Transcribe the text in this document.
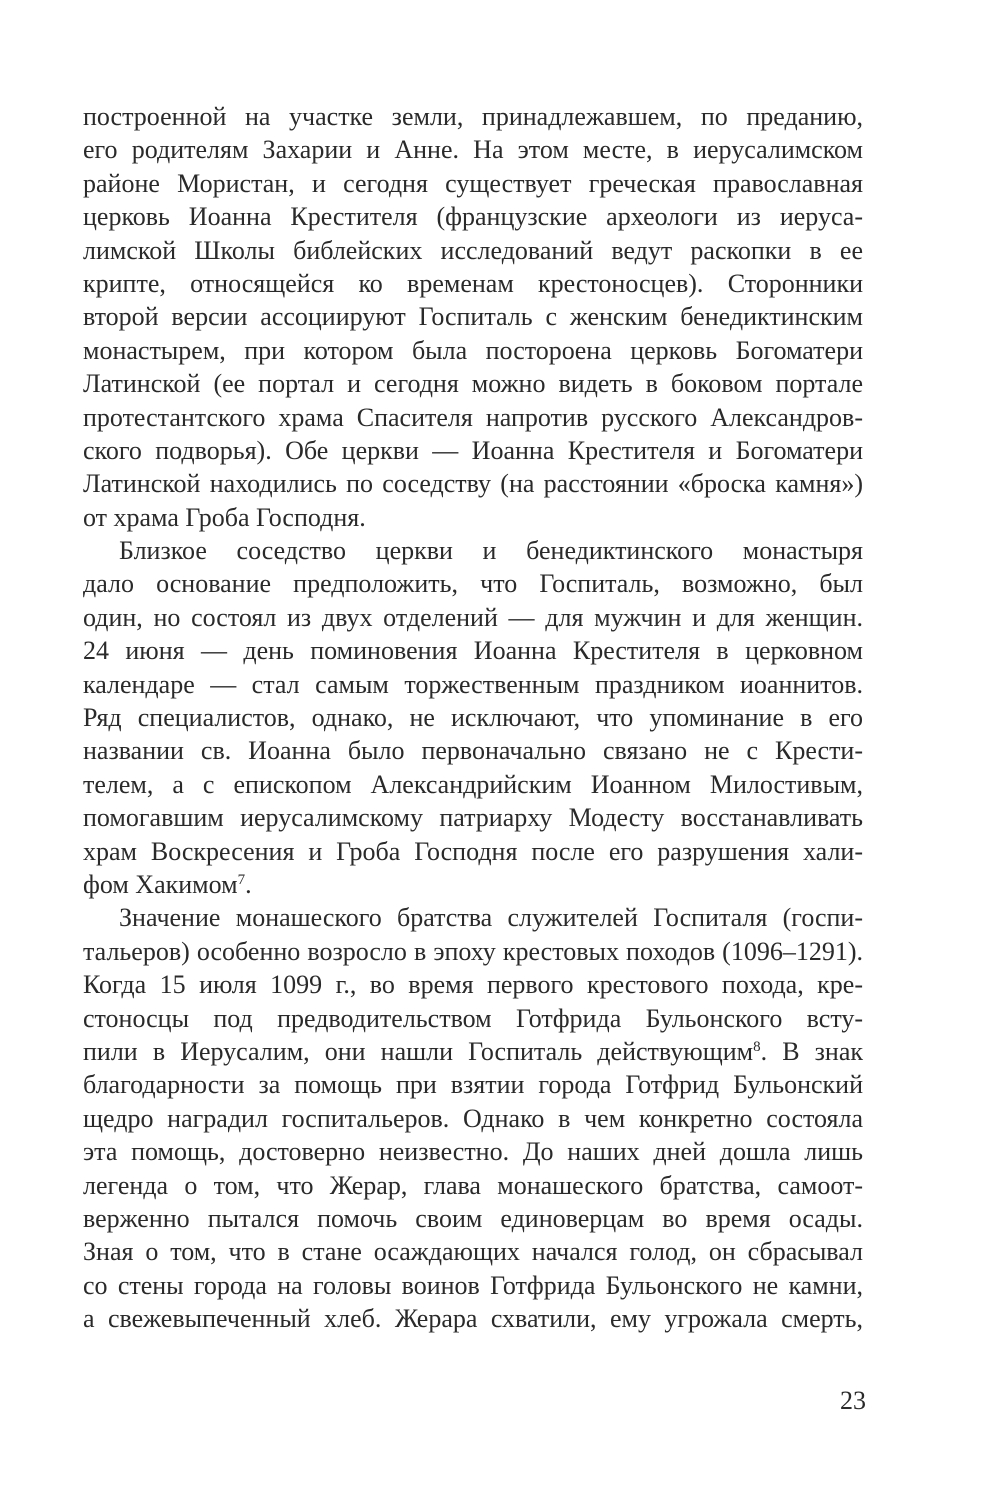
построенной на участке земли, принадлежавшем, по преданию,
его родителям Захарии и Анне. На этом месте, в иерусалимском
районе Мористан, и сегодня существует греческая православная
церковь Иоанна Крестителя (французские археологи из иеруса-
лимской Школы библейских исследований ведут раскопки в ее
крипте, относящейся ко временам крестоносцев). Сторонники
второй версии ассоциируют Госпиталь с женским бенедиктинским
монастырем, при котором была посторoена церковь Богоматери
Латинской (ее портал и сегодня можно видеть в боковом портале
протестантского храма Спасителя напротив русского Александров-
ского подворья). Обе церкви — Иоанна Крестителя и Богоматери
Латинской находились по соседству (на расстоянии «броска камня»)
от храма Гроба Господня.
Близкое соседство церкви и бенедиктинского монастыря
дало основание предположить, что Госпиталь, возможно, был
один, но состоял из двух отделений — для мужчин и для женщин.
24 июня — день поминовения Иоанна Крестителя в церковном
календаре — стал самым торжественным праздником иоаннитов.
Ряд специалистов, однако, не исключают, что упоминание в его
названии св. Иоанна было первоначально связано не с Крести-
телем, а с епископом Александрийским Иоанном Милостивым,
помогавшим иерусалимскому патриарху Модесту восстанавливать
храм Воскресения и Гроба Господня после его разрушения хали-
фом Хакимом$^7$.
Значение монашеского братства служителей Госпиталя (госпи-
тальеров) особенно возросло в эпоху крестовых походов (1096–1291).
Когда 15 июля 1099 г., во время первого крестового похода, кре-
стоносцы под предводительством Готфрида Бульонского всту-
пили в Иерусалим, они нашли Госпиталь действующим$^8$. В знак
благодарности за помощь при взятии города Готфрид Бульонский
щедро наградил госпитальеров. Однако в чем конкретно состояла
эта помощь, достоверно неизвестно. До наших дней дошла лишь
легенда о том, что Жерар, глава монашеского братства, самоот-
верженно пытался помочь своим единоверцам во время осады.
Зная о том, что в стане осаждающих начался голод, он сбрасывал
со стены города на головы воинов Готфрида Бульонского не камни,
а свежевыпеченный хлеб. Жерара схватили, ему угрожала смерть,
23
